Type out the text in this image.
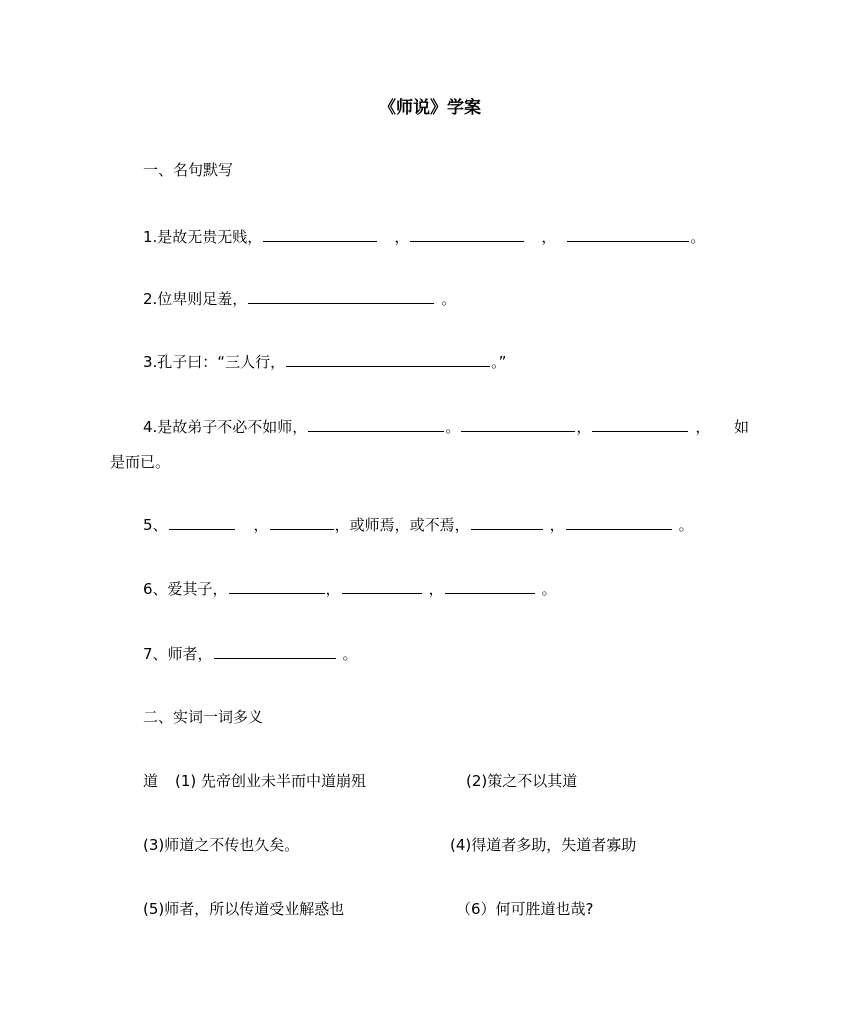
《师说》学案
一、名句默写
1.是故无贵无贱，	，	，	。
2.位卑则足羞，	。
3.孔子曰：“三人行，	。”
4.是故弟子不必不如师，	。	，	， 如
是而已。
5、	，	，或师焉，或不焉，	，	。
6、爱其子，	，	，	。
7、师者，	。
二、实词一词多义
道 (1) 先帝创业未半而中道崩殂	(2)策之不以其道
(3)师道之不传也久矣。	(4)得道者多助，失道者寡助
(5)师者，所以传道受业解惑也	（6）何可胜道也哉?
